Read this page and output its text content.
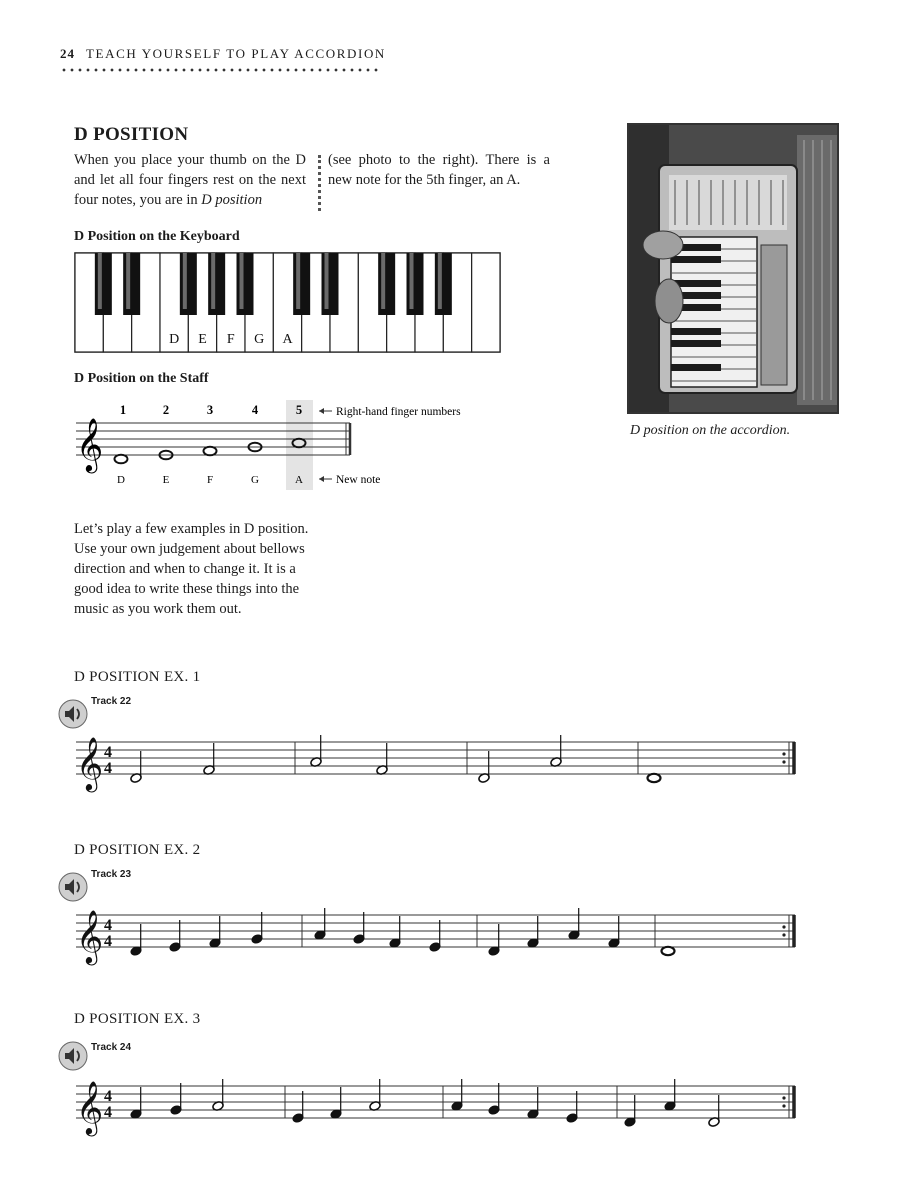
24 TEACH YOURSELF TO PLAY ACCORDION
D POSITION
When you place your thumb on the D and let all four fingers rest on the next four notes, you are in D position
(see photo to the right). There is a new note for the 5th finger, an A.
D Position on the Keyboard
D E F G A
D Position on the Staff
𝄞
1	2	3	4	5
D	E	F	G	A
Right-hand finger numbers
New note
Let’s play a few examples in D position. Use your own judgement about bellows direction and when to change it. It is a good idea to write these things into the music as you work them out.
D position on the accordion.
D POSITION EX. 1
Track 22
𝄞 4
4
D POSITION EX. 2
Track 23
𝄞 4
4
D POSITION EX. 3
Track 24
𝄞 4
4
